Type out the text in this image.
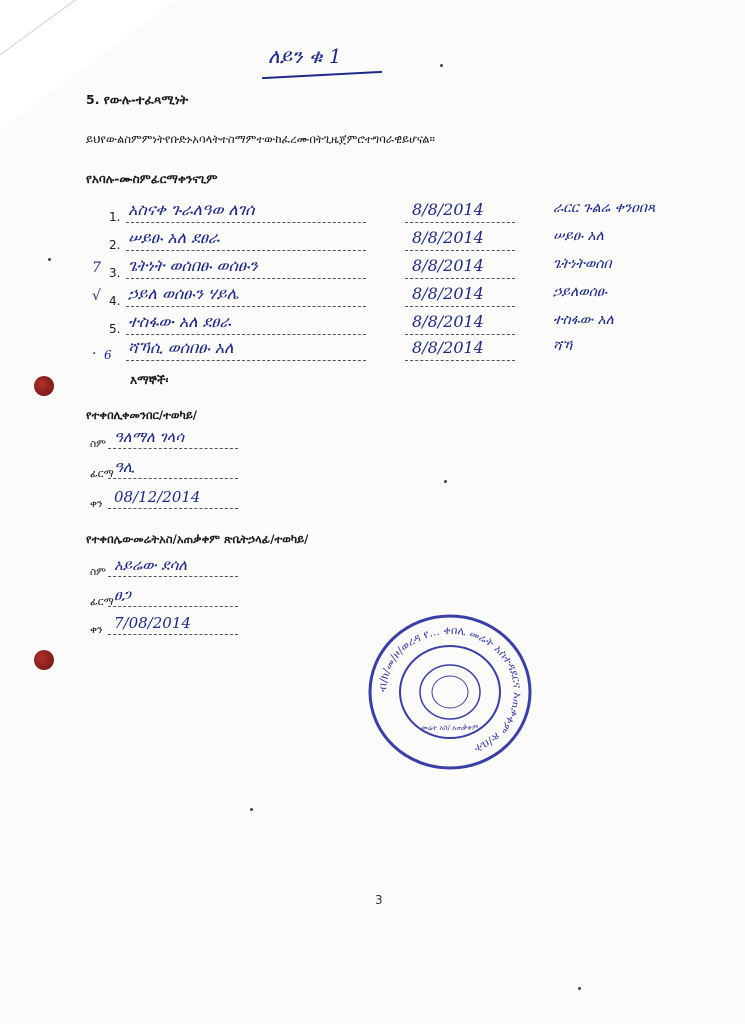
ለይን ቁ 1
5. የውሉ-ተፈጻሚነት
ይህየውልስምምነትየቡድኑአባላትተስማምተውከፈረሙበትጊዜጀምሮተግባራዊይሆናል።
የአባሉ-ሙስምፊርማቀንናጊም
1. አስናቀ ጉራለዓወ ለገሰ	8/8/2014	ራርር ጉልሬ ቀንዐበጻ
2. ሠይፁ አለ ደፀራ	8/8/2014	ሠይፁ አለ
7 3. ጌትነት ወሰበፁ ወሰፁን	8/8/2014	ጌትነትወሰበ
√ 4. ኃይለ ወሰፁን ሃይሌ	8/8/2014	ኃይለወሰፁ
5. ተስፋው አለ ደፀራ	8/8/2014	ተስፋው አለ
. 6 ሻኻሲ ወሰበፁ አለ	8/8/2014	ሻኻ
እማኞች፡
የተቀበሊቀመንበር/ተወካይ/
ስም ዓለማለ ገላሳ
ፊርማ ዓሊ
ቀን 08/12/2014
የተቀበሌውመሬትአስ/አጠቃቀም ጽቤትኃላፊ/ተወካይ/
ስም አይሬው ደሳለ
ፊርማ ፀጋ
ቀን 7/08/2014
ብ/ክ/መ/ዞ/ወረዳ የ... ቀበሌ መሬት አስተዳደርና አጠቃቀም ጽ/ቤት
መሬት አስ/ አጠቃቀም
3
